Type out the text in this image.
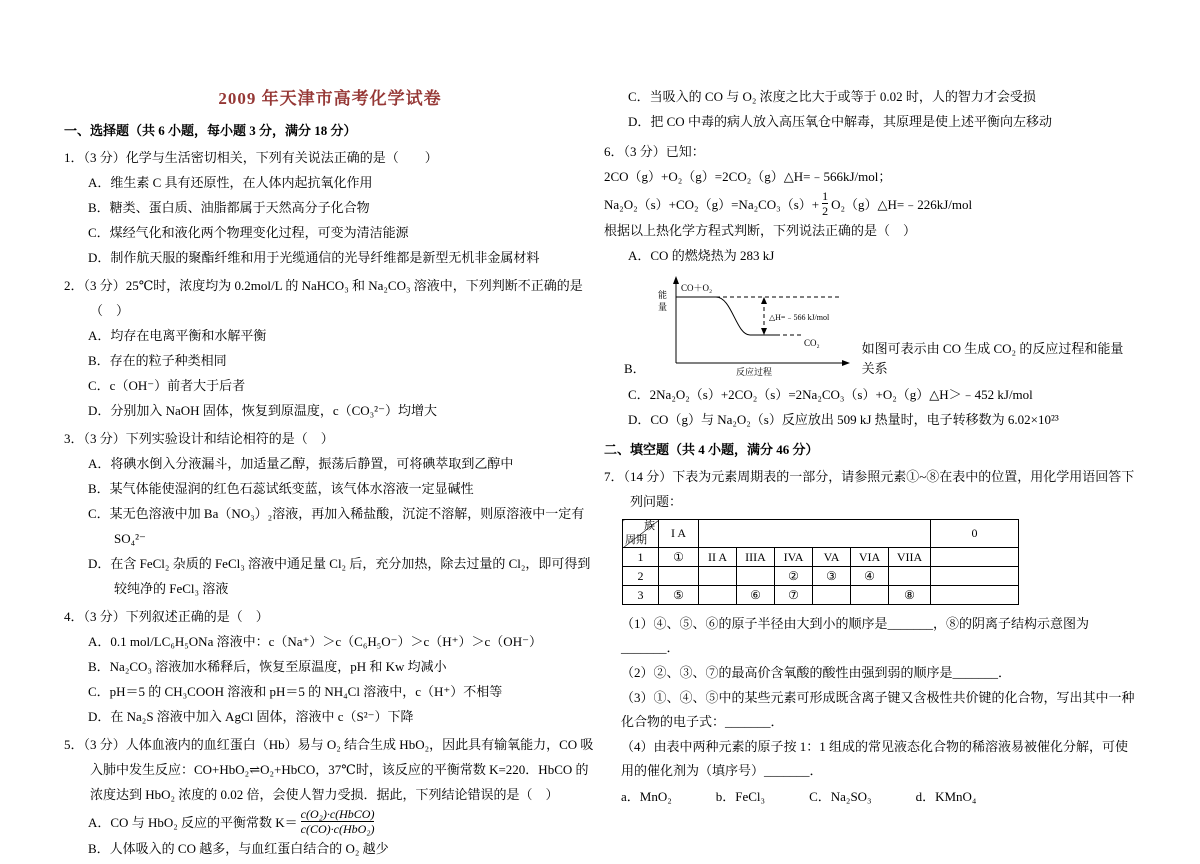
2009 年天津市高考化学试卷

一、选择题（共 6 小题，每小题 3 分，满分 18 分）

1．（3 分）化学与生活密切相关，下列有关说法正确的是（　　）

A．维生素 C 具有还原性，在人体内起抗氧化作用

B．糖类、蛋白质、油脂都属于天然高分子化合物

C．煤经气化和液化两个物理变化过程，可变为清洁能源

D．制作航天服的聚酯纤维和用于光缆通信的光导纤维都是新型无机非金属材料

2．（3 分）25℃时，浓度均为 0.2mol/L 的 NaHCO₃ 和 Na₂CO₃ 溶液中，下列判断不正确的是（　）

A．均存在电离平衡和水解平衡

B．存在的粒子种类相同

C．c（OH⁻）前者大于后者

D．分别加入 NaOH 固体，恢复到原温度，c（CO₃²⁻）均增大

3．（3 分）下列实验设计和结论相符的是（　）

A．将碘水倒入分液漏斗，加适量乙醇，振荡后静置，可将碘萃取到乙醇中

B．某气体能使湿润的红色石蕊试纸变蓝，该气体水溶液一定显碱性

C．某无色溶液中加 Ba（NO₃）₂溶液，再加入稀盐酸，沉淀不溶解，则原溶液中一定有 SO₄²⁻

D．在含 FeCl₂ 杂质的 FeCl₃ 溶液中通足量 Cl₂ 后，充分加热，除去过量的 Cl₂，即可得到较纯净的 FeCl₃ 溶液

4．（3 分）下列叙述正确的是（　）

A．0.1 mol/LC₆H₅ONa 溶液中：c（Na⁺）＞c（C₆H₅O⁻）＞c（H⁺）＞c（OH⁻）

B．Na₂CO₃ 溶液加水稀释后，恢复至原温度，pH 和 Kw 均减小

C．pH＝5 的 CH₃COOH 溶液和 pH＝5 的 NH₄Cl 溶液中，c（H⁺）不相等

D．在 Na₂S 溶液中加入 AgCl 固体，溶液中 c（S²⁻）下降

5．（3 分）人体血液内的血红蛋白（Hb）易与 O₂ 结合生成 HbO₂，因此具有输氧能力，CO 吸入肺中发生反应：CO+HbO₂⇌O₂+HbCO，37℃时，该反应的平衡常数 K=220．HbCO 的浓度达到 HbO₂ 浓度的 0.02 倍，会使人智力受损．据此，下列结论错误的是（　）

A．CO 与 HbO₂ 反应的平衡常数 $K= \frac{\text{c(O₂)·c(HbCO)}}{\text{c(CO)·c(HbO₂)}}$

B．人体吸入的 CO 越多，与血红蛋白结合的 O₂ 越少

C．当吸入的 CO 与 O₂ 浓度之比大于或等于 0.02 时，人的智力才会受损

D．把 CO 中毒的病人放入高压氧仓中解毒，其原理是使上述平衡向左移动

6．（3 分）已知：

2CO（g）+O₂（g）=2CO₂（g）△H=﹣566kJ/mol；

$Na_2O_2(s)+CO_2(g)=Na_2CO_3(s)+ \frac{1}{2}$ O₂（g）△H=﹣226kJ/mol

根据以上热化学方程式判断，下列说法正确的是（　）

A．CO 的燃烧热为 283 kJ

B．
能
量
CO＋O₂
CO₂
△H=﹣566 kJ/mol
反应过程
如图可表示由 CO 生成 CO₂ 的反应过程和能量关系

C．2Na₂O₂（s）+2CO₂（s）=2Na₂CO₃（s）+O₂（g）△H＞﹣452 kJ/mol

D．CO（g）与 Na₂O₂（s）反应放出 509 kJ 热量时，电子转移数为 6.02×10²³

二、填空题（共 4 小题，满分 46 分）

7．（14 分）下表为元素周期表的一部分，请参照元素①~⑧在表中的位置，用化学用语回答下列问题：

族
周期	I A							0
1	①	II A	IIIA	IVA	VA	VIA	VIIA	
2				②	③	④		
3	⑤		⑥	⑦			⑧	

（1）④、⑤、⑥的原子半径由大到小的顺序是_______，⑧的阴离子结构示意图为_______．

（2）②、③、⑦的最高价含氧酸的酸性由强到弱的顺序是_______．

（3）①、④、⑤中的某些元素可形成既含离子键又含极性共价键的化合物，写出其中一种化合物的电子式：_______．

（4）由表中两种元素的原子按 1：1 组成的常见液态化合物的稀溶液易被催化分解，可使用的催化剂为（填序号）_______．

a．MnO₂	b．FeCl₃	C．Na₂SO₃	d．KMnO₄
